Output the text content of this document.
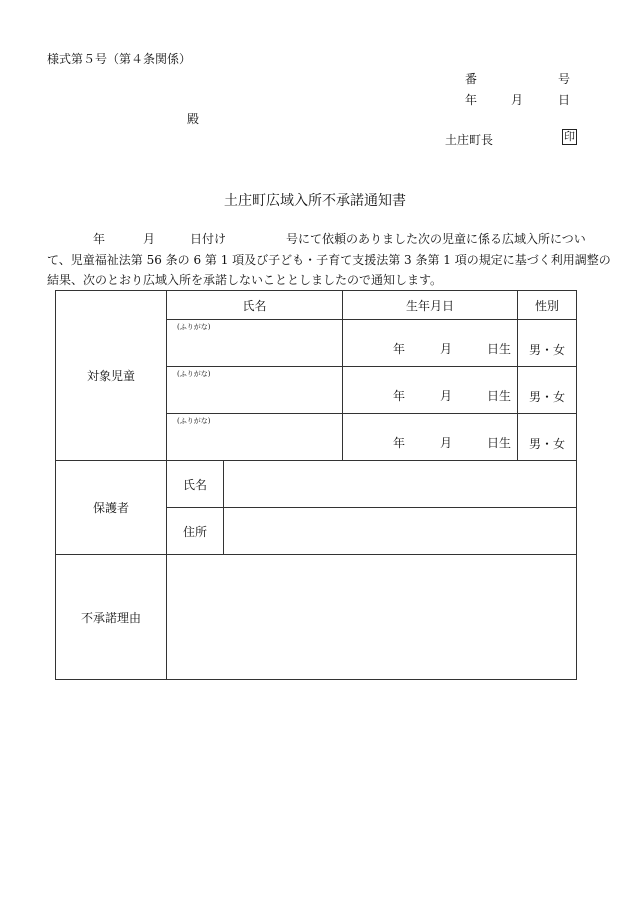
様式第５号（第４条関係）
番	号
年	月	日
殿
土庄町長	印
土庄町広域入所不承諾通知書
年	月	日付け	号にて依頼のありました次の児童に係る広域入所につい
て、児童福祉法第 56 条の 6 第 1 項及び子ども・子育て支援法第 3 条第 1 項の規定に基づく利用調整の
結果、次のとおり広域入所を承諾しないこととしましたので通知します。
対象児童	氏名		生年月日	性別

	(ふりがな)		年 月 日生	男・女

	(ふりがな)		年 月 日生	男・女

	(ふりがな)		年 月 日生	男・女
保護者	氏名			
	住所			
不承諾理由				
